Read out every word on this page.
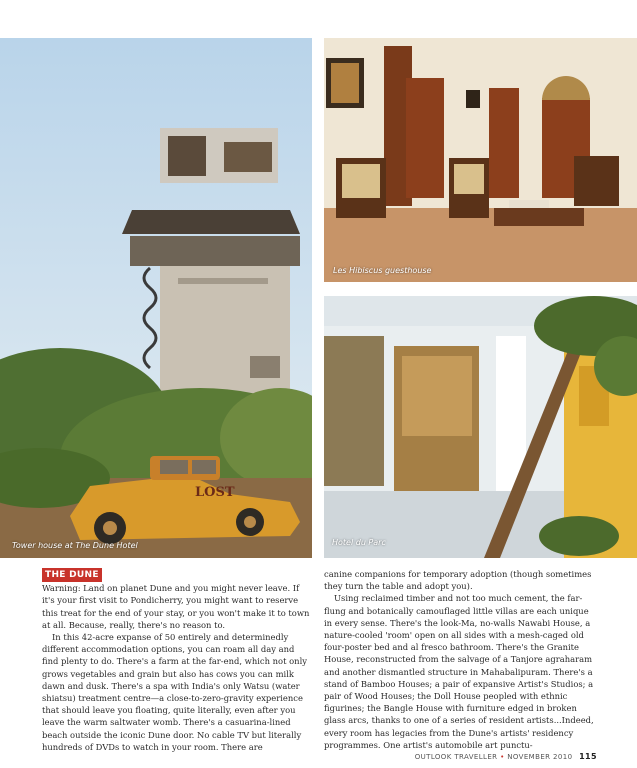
LOST
Tower house at The Dune Hotel
Les Hibiscus guesthouse
Hotel du Parc

THE DUNE

Warning: Land on planet Dune and you might never leave. If it's your first visit to Pondicherry, you might want to reserve this treat for the end of your stay, or you won't make it to town at all. Because, really, there's no reason to.

In this 42-acre expanse of 50 entirely and determinedly different accommodation options, you can roam all day and find plenty to do. There's a farm at the far-end, which not only grows vegetables and grain but also has cows you can milk dawn and dusk. There's a spa with India's only Watsu (water shiatsu) treatment centre—a close-to-zero-gravity experience that should leave you floating, quite literally, even after you leave the warm saltwater womb. There's a casuarina-lined beach outside the iconic Dune door. No cable TV but literally hundreds of DVDs to watch in your room. There are

canine companions for temporary adoption (though sometimes they turn the table and adopt you).

Using reclaimed timber and not too much cement, the far-flung and botanically camouflaged little villas are each unique in every sense. There's the look-Ma, no-walls Nawabi House, a nature-cooled 'room' open on all sides with a mesh-caged old four-poster bed and al fresco bathroom. There's the Granite House, reconstructed from the salvage of a Tanjore agraharam and another dismantled structure in Mahabalipuram. There's a stand of Bamboo Houses; a pair of expansive Artist's Studios; a pair of Wood Houses; the Doll House peopled with ethnic figurines; the Bangle House with furniture edged in broken glass arcs, thanks to one of a series of resident artists...Indeed, every room has legacies from the Dune's artists' residency programmes. One artist's automobile art punctu-

OUTLOOK TRAVELLER • NOVEMBER 2010 115
